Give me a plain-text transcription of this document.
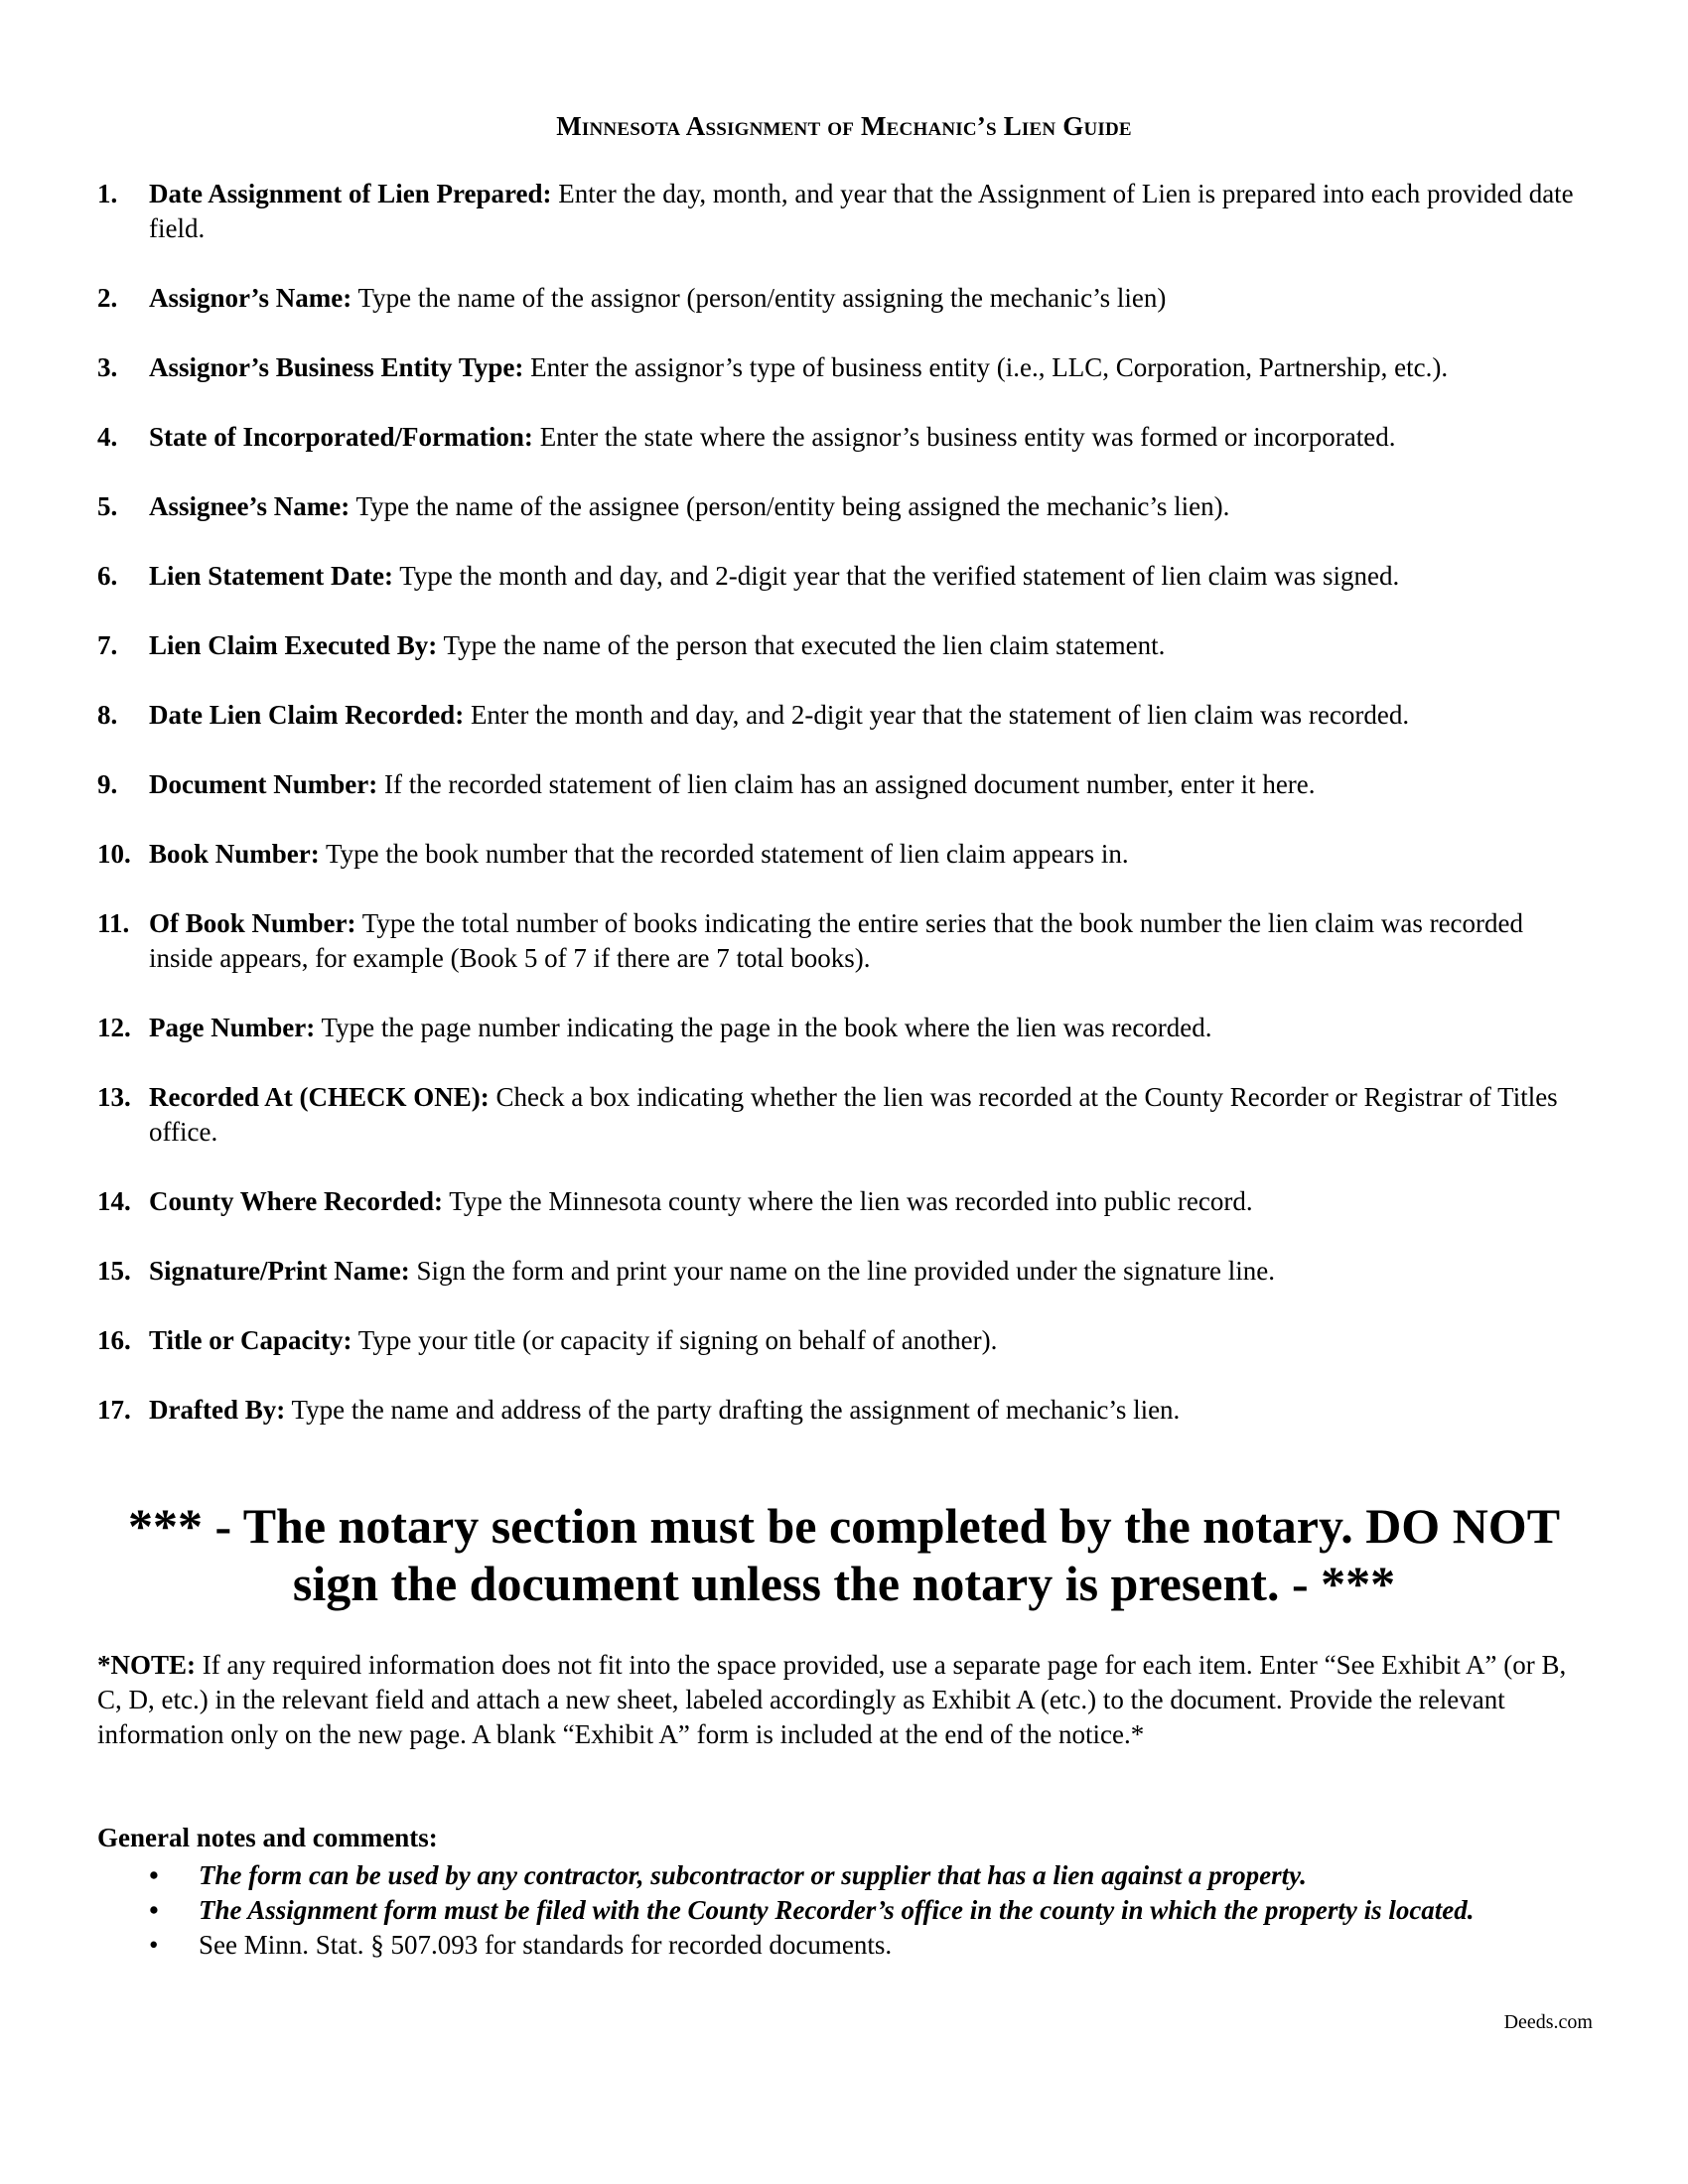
Minnesota Assignment of Mechanic’s Lien Guide
1. Date Assignment of Lien Prepared: Enter the day, month, and year that the Assignment of Lien is prepared into each provided date field.
2. Assignor’s Name: Type the name of the assignor (person/entity assigning the mechanic’s lien)
3. Assignor’s Business Entity Type: Enter the assignor’s type of business entity (i.e., LLC, Corporation, Partnership, etc.).
4. State of Incorporated/Formation: Enter the state where the assignor’s business entity was formed or incorporated.
5. Assignee’s Name: Type the name of the assignee (person/entity being assigned the mechanic’s lien).
6. Lien Statement Date: Type the month and day, and 2-digit year that the verified statement of lien claim was signed.
7. Lien Claim Executed By: Type the name of the person that executed the lien claim statement.
8. Date Lien Claim Recorded: Enter the month and day, and 2-digit year that the statement of lien claim was recorded.
9. Document Number: If the recorded statement of lien claim has an assigned document number, enter it here.
10. Book Number: Type the book number that the recorded statement of lien claim appears in.
11. Of Book Number: Type the total number of books indicating the entire series that the book number the lien claim was recorded inside appears, for example (Book 5 of 7 if there are 7 total books).
12. Page Number: Type the page number indicating the page in the book where the lien was recorded.
13. Recorded At (CHECK ONE): Check a box indicating whether the lien was recorded at the County Recorder or Registrar of Titles office.
14. County Where Recorded: Type the Minnesota county where the lien was recorded into public record.
15. Signature/Print Name: Sign the form and print your name on the line provided under the signature line.
16. Title or Capacity: Type your title (or capacity if signing on behalf of another).
17. Drafted By: Type the name and address of the party drafting the assignment of mechanic’s lien.
*** - The notary section must be completed by the notary. DO NOT
sign the document unless the notary is present. - ***
*NOTE: If any required information does not fit into the space provided, use a separate page for each item. Enter “See Exhibit A” (or B, C, D, etc.) in the relevant field and attach a new sheet, labeled accordingly as Exhibit A (etc.) to the document. Provide the relevant information only on the new page. A blank “Exhibit A” form is included at the end of the notice.*
General notes and comments:
• The form can be used by any contractor, subcontractor or supplier that has a lien against a property.
• The Assignment form must be filed with the County Recorder’s office in the county in which the property is located.
• See Minn. Stat. § 507.093 for standards for recorded documents.
Deeds.com
